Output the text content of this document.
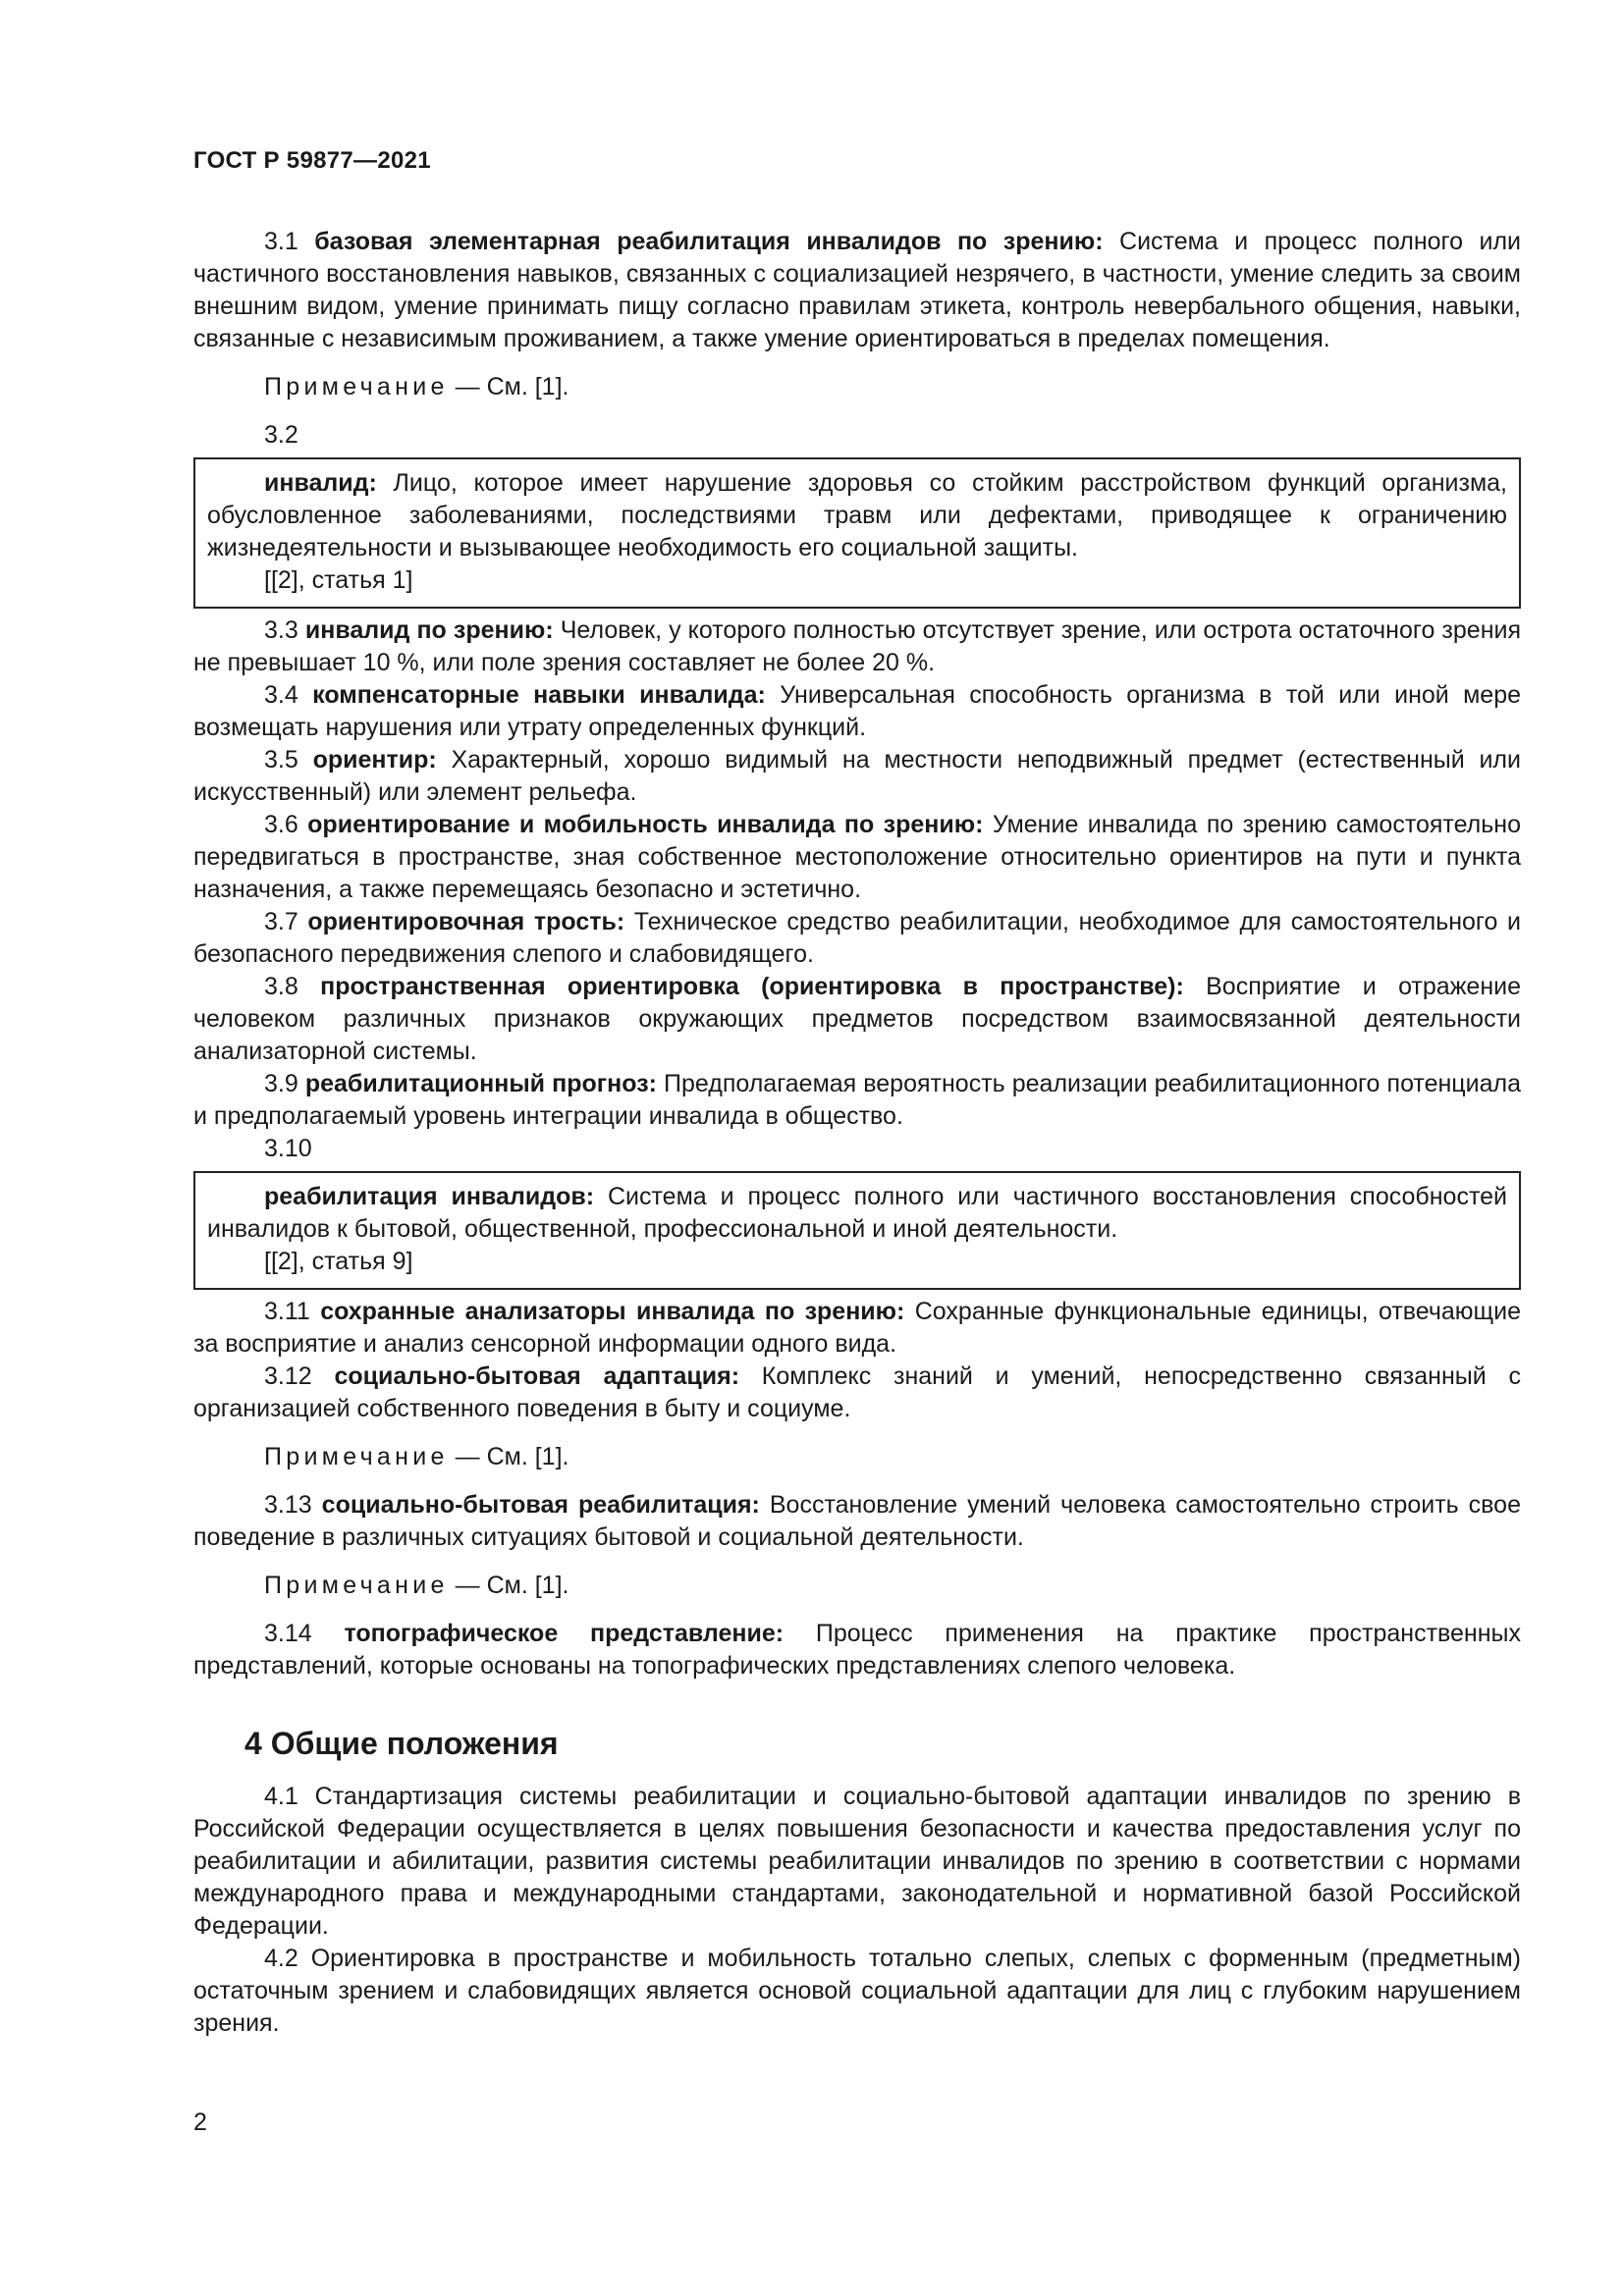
ГОСТ Р 59877—2021

3.1 базовая элементарная реабилитация инвалидов по зрению: Система и процесс полного или частичного восстановления навыков, связанных с социализацией незрячего, в частности, умение следить за своим внешним видом, умение принимать пищу согласно правилам этикета, контроль невербального общения, навыки, связанные с независимым проживанием, а также умение ориентироваться в пределах помещения.

Примечание — См. [1].

3.2

инвалид: Лицо, которое имеет нарушение здоровья со стойким расстройством функций организма, обусловленное заболеваниями, последствиями травм или дефектами, приводящее к ограничению жизнедеятельности и вызывающее необходимость его социальной защиты.

[[2], статья 1]

3.3 инвалид по зрению: Человек, у которого полностью отсутствует зрение, или острота остаточного зрения не превышает 10 %, или поле зрения составляет не более 20 %.

3.4 компенсаторные навыки инвалида: Универсальная способность организма в той или иной мере возмещать нарушения или утрату определенных функций.

3.5 ориентир: Характерный, хорошо видимый на местности неподвижный предмет (естественный или искусственный) или элемент рельефа.

3.6 ориентирование и мобильность инвалида по зрению: Умение инвалида по зрению самостоятельно передвигаться в пространстве, зная собственное местоположение относительно ориентиров на пути и пункта назначения, а также перемещаясь безопасно и эстетично.

3.7 ориентировочная трость: Техническое средство реабилитации, необходимое для самостоятельного и безопасного передвижения слепого и слабовидящего.

3.8 пространственная ориентировка (ориентировка в пространстве): Восприятие и отражение человеком различных признаков окружающих предметов посредством взаимосвязанной деятельности анализаторной системы.

3.9 реабилитационный прогноз: Предполагаемая вероятность реализации реабилитационного потенциала и предполагаемый уровень интеграции инвалида в общество.

3.10

реабилитация инвалидов: Система и процесс полного или частичного восстановления способностей инвалидов к бытовой, общественной, профессиональной и иной деятельности.

[[2], статья 9]

3.11 сохранные анализаторы инвалида по зрению: Сохранные функциональные единицы, отвечающие за восприятие и анализ сенсорной информации одного вида.

3.12 социально-бытовая адаптация: Комплекс знаний и умений, непосредственно связанный с организацией собственного поведения в быту и социуме.

Примечание — См. [1].

3.13 социально-бытовая реабилитация: Восстановление умений человека самостоятельно строить свое поведение в различных ситуациях бытовой и социальной деятельности.

Примечание — См. [1].

3.14 топографическое представление: Процесс применения на практике пространственных представлений, которые основаны на топографических представлениях слепого человека.

4 Общие положения

4.1 Стандартизация системы реабилитации и социально-бытовой адаптации инвалидов по зрению в Российской Федерации осуществляется в целях повышения безопасности и качества предоставления услуг по реабилитации и абилитации, развития системы реабилитации инвалидов по зрению в соответствии с нормами международного права и международными стандартами, законодательной и нормативной базой Российской Федерации.

4.2 Ориентировка в пространстве и мобильность тотально слепых, слепых с форменным (предметным) остаточным зрением и слабовидящих является основой социальной адаптации для лиц с глубоким нарушением зрения.

2
